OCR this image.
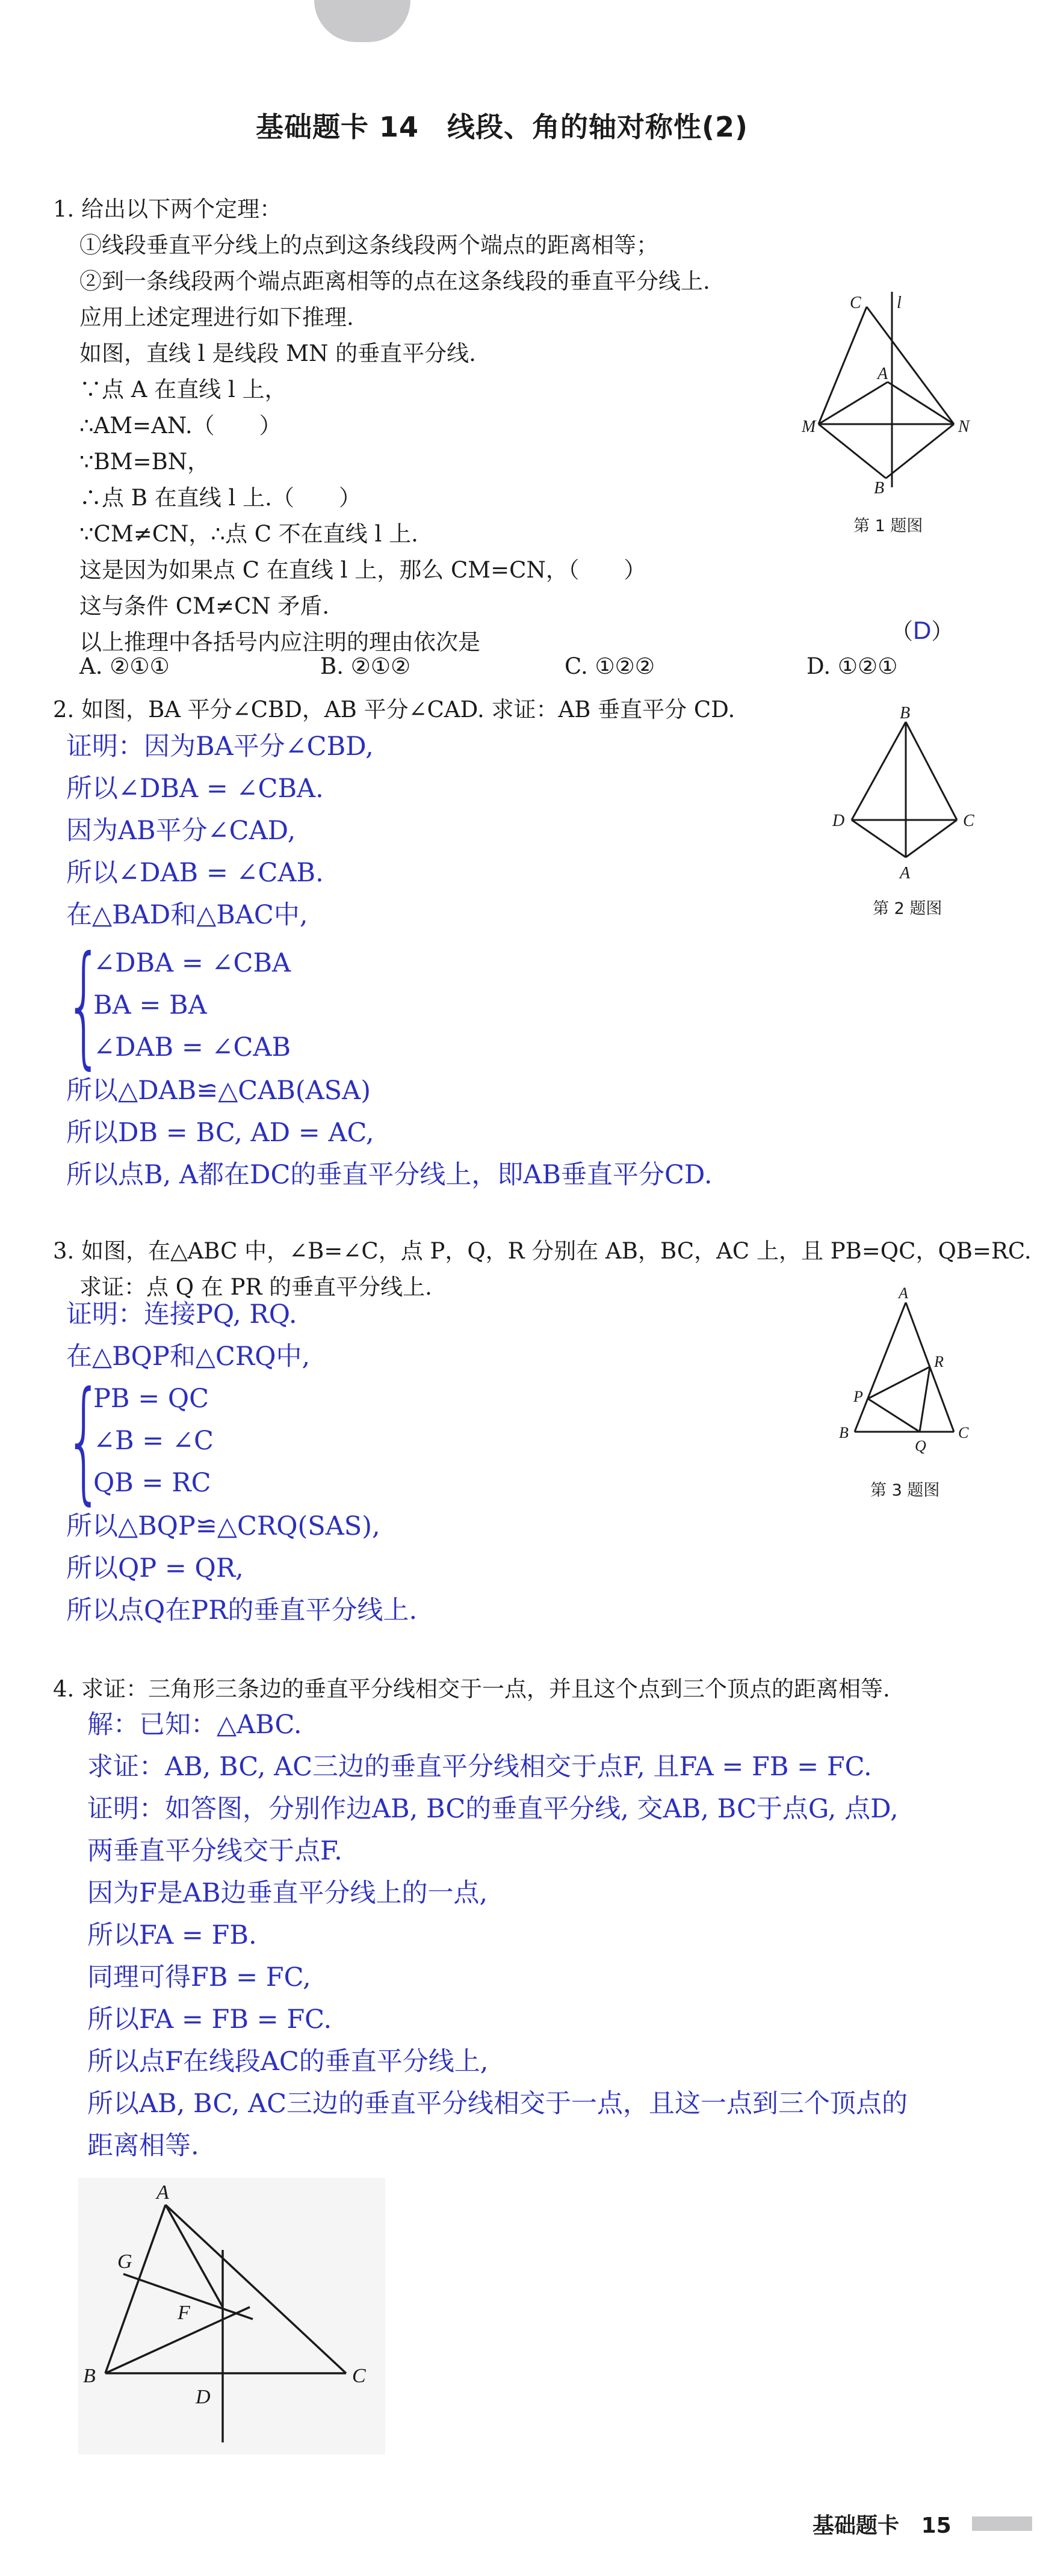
基础题卡 14　线段、角的轴对称性(2)
1. 给出以下两个定理：
①线段垂直平分线上的点到这条线段两个端点的距离相等；
②到一条线段两个端点距离相等的点在这条线段的垂直平分线上.
应用上述定理进行如下推理.
如图，直线 l 是线段 MN 的垂直平分线.
∵点 A 在直线 l 上，
∴AM=AN.（　　）
∵BM=BN，
∴点 B 在直线 l 上.（　　）
∵CM≠CN，∴点 C 不在直线 l 上.
这是因为如果点 C 在直线 l 上，那么 CM=CN，（　　）
这与条件 CM≠CN 矛盾.
以上推理中各括号内应注明的理由依次是	（D）
A. ②①①	B. ②①②	C. ①②②	D. ①②①
C l
A
M	N
B
第 1 题图
2. 如图，BA 平分∠CBD，AB 平分∠CAD. 求证：AB 垂直平分 CD.
证明：因为BA平分∠CBD,
所以∠DBA = ∠CBA.
因为AB平分∠CAD,
所以∠DAB = ∠CAB.
在△BAD和△BAC中,
{
∠DBA = ∠CBA
BA = BA
∠DAB = ∠CAB
所以△DAB≌△CAB(ASA)
所以DB = BC, AD = AC,
所以点B, A都在DC的垂直平分线上，即AB垂直平分CD.
B
D	C
A
第 2 题图
3. 如图，在△ABC 中，∠B=∠C，点 P，Q，R 分别在 AB，BC，AC 上，且 PB=QC，QB=RC.
求证：点 Q 在 PR 的垂直平分线上.
证明：连接PQ, RQ.
在△BQP和△CRQ中,
{
PB = QC
∠B = ∠C
QB = RC
所以△BQP≌△CRQ(SAS),
所以QP = QR,
所以点Q在PR的垂直平分线上.
A
R
P
B
Q
C
第 3 题图
4. 求证：三角形三条边的垂直平分线相交于一点，并且这个点到三个顶点的距离相等.
解：已知：△ABC.
求证：AB, BC, AC三边的垂直平分线相交于点F, 且FA = FB = FC.
证明：如答图，分别作边AB, BC的垂直平分线, 交AB, BC于点G, 点D,
两垂直平分线交于点F.
因为F是AB边垂直平分线上的一点,
所以FA = FB.
同理可得FB = FC,
所以FA = FB = FC.
所以点F在线段AC的垂直平分线上,
所以AB, BC, AC三边的垂直平分线相交于一点，且这一点到三个顶点的
距离相等.
A
G
F
B
D
C
基础题卡 15
